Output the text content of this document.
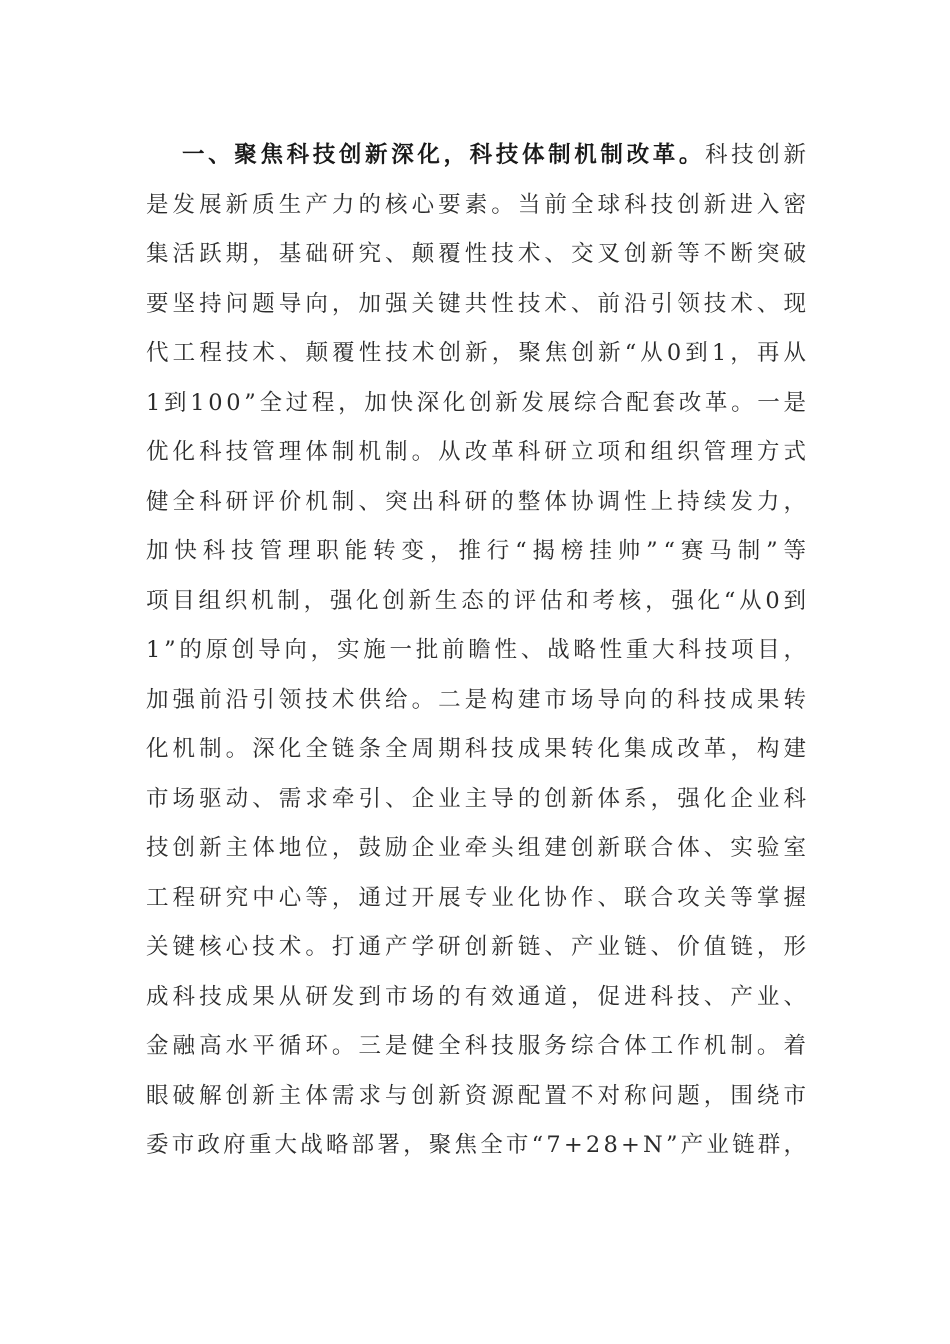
一、聚焦科技创新深化，科技体制机制改革。 科技创新
是发展新质生产力的核心要素。当前全球科技创新进入密
集活跃期，基础研究、颠覆性技术、交叉创新等不断突破
要坚持问题导向，加强关键共性技术、前沿引领技术、现
代工程技术、颠覆性技术创新，聚焦创新“从0到1，再从
1到100”全过程，加快深化创新发展综合配套改革。一是
优化科技管理体制机制。从改革科研立项和组织管理方式
健全科研评价机制、突出科研的整体协调性上持续发力，
加快科技管理职能转变，推行“揭榜挂帅”“赛马制”等
项目组织机制，强化创新生态的评估和考核，强化“从0到
1”的原创导向，实施一批前瞻性、战略性重大科技项目，
加强前沿引领技术供给。二是构建市场导向的科技成果转
化机制。深化全链条全周期科技成果转化集成改革，构建
市场驱动、需求牵引、企业主导的创新体系，强化企业科
技创新主体地位，鼓励企业牵头组建创新联合体、实验室
工程研究中心等，通过开展专业化协作、联合攻关等掌握
关键核心技术。打通产学研创新链、产业链、价值链，形
成科技成果从研发到市场的有效通道，促进科技、产业、
金融高水平循环。三是健全科技服务综合体工作机制。着
眼破解创新主体需求与创新资源配置不对称问题，围绕市
委市政府重大战略部署，聚焦全市“7+28+N”产业链群，
